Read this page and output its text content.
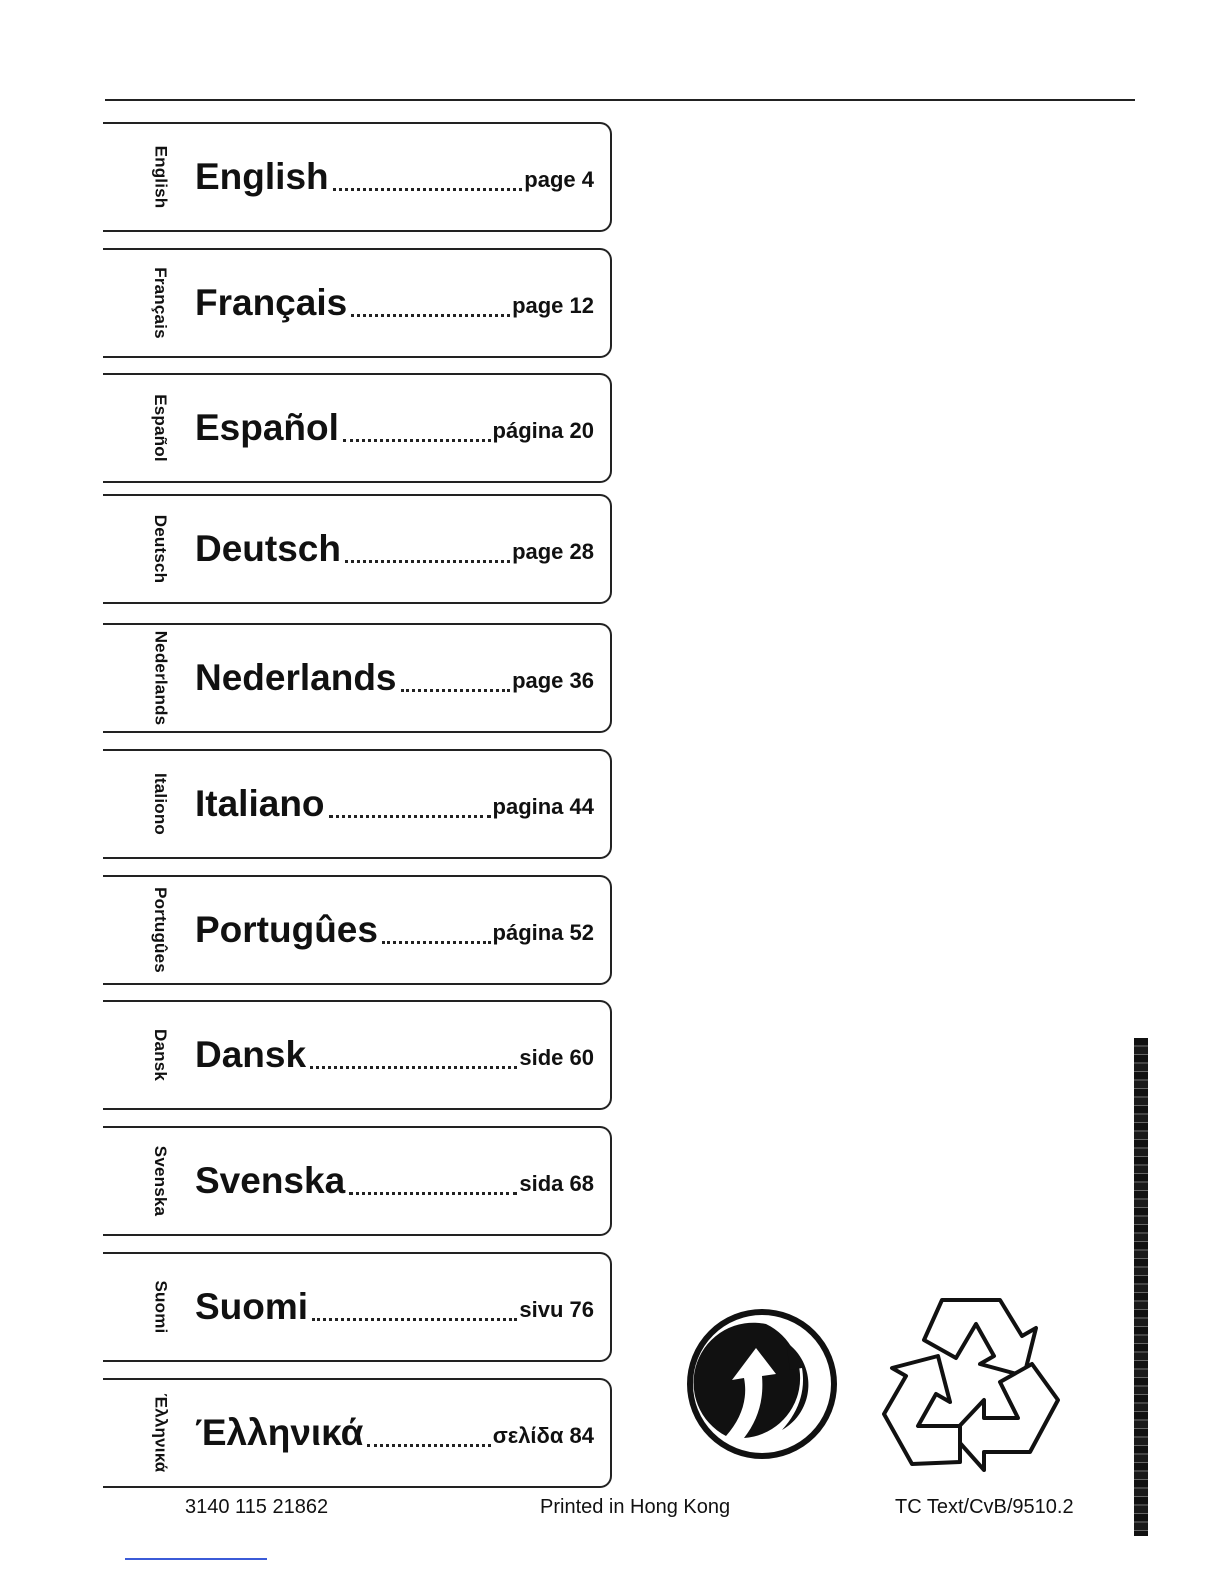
English English	page 4
Français Français	page 12
Español Español	página 20
Deutsch Deutsch	page 28
Nederlands Nederlands	page 36
Italiono Italiano	pagina 44
Portugûes Portugûes	página 52
Dansk Dansk	side 60
Svenska Svenska	sida 68
Suomi Suomi	sivu 76
Έλληνικά Έλληνικά	σελίδα 84
3140 115 21862	Printed in Hong Kong	TC Text/CvB/9510.2
